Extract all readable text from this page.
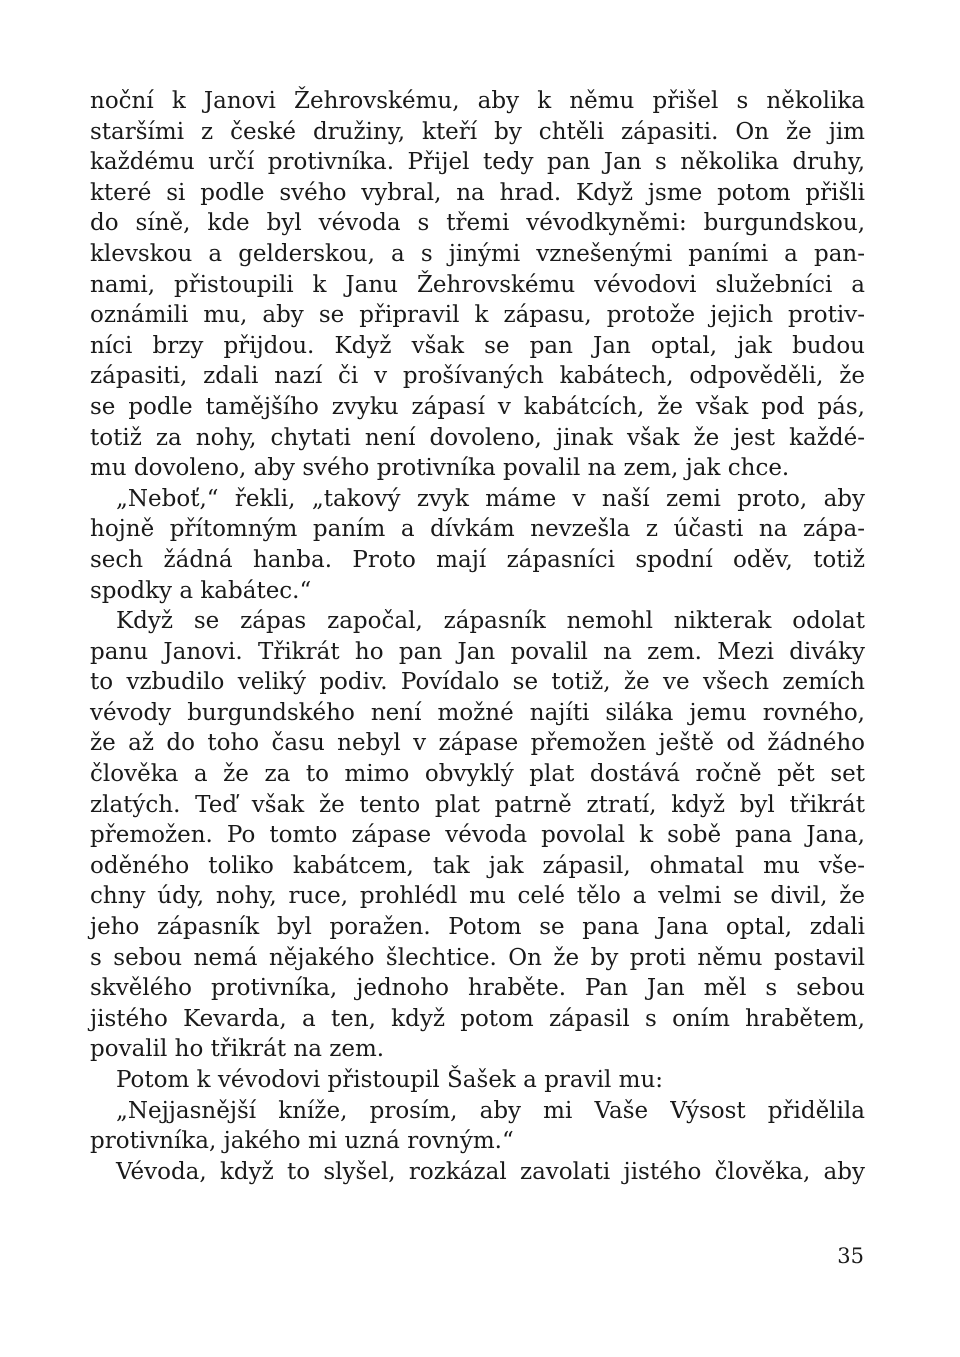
noční k Janovi Žehrovskému, aby k němu přišel s několika
staršími z české družiny, kteří by chtěli zápasiti. On že jim
každému určí protivníka. Přijel tedy pan Jan s několika druhy,
které si podle svého vybral, na hrad. Když jsme potom přišli
do síně, kde byl vévoda s třemi vévodkyněmi: burgundskou,
klevskou a gelderskou, a s jinými vznešenými paními a pan-
nami, přistoupili k Janu Žehrovskému vévodovi služebníci a
oznámili mu, aby se připravil k zápasu, protože jejich protiv-
níci brzy přijdou. Když však se pan Jan optal, jak budou
zápasiti, zdali nazí či v prošívaných kabátech, odpověděli, že
se podle tamějšího zvyku zápasí v kabátcích, že však pod pás,
totiž za nohy, chytati není dovoleno, jinak však že jest každé-
mu dovoleno, aby svého protivníka povalil na zem, jak chce.
„Neboť,“ řekli, „takový zvyk máme v naší zemi proto, aby
hojně přítomným paním a dívkám nevzešla z účasti na zápa-
sech žádná hanba. Proto mají zápasníci spodní oděv, totiž
spodky a kabátec.“
Když se zápas započal, zápasník nemohl nikterak odolat
panu Janovi. Třikrát ho pan Jan povalil na zem. Mezi diváky
to vzbudilo veliký podiv. Povídalo se totiž, že ve všech zemích
vévody burgundského není možné najíti siláka jemu rovného,
že až do toho času nebyl v zápase přemožen ještě od žádného
člověka a že za to mimo obvyklý plat dostává ročně pět set
zlatých. Teď však že tento plat patrně ztratí, když byl třikrát
přemožen. Po tomto zápase vévoda povolal k sobě pana Jana,
oděného toliko kabátcem, tak jak zápasil, ohmatal mu vše-
chny údy, nohy, ruce, prohlédl mu celé tělo a velmi se divil, že
jeho zápasník byl poražen. Potom se pana Jana optal, zdali
s sebou nemá nějakého šlechtice. On že by proti němu postavil
skvělého protivníka, jednoho hraběte. Pan Jan měl s sebou
jistého Kevarda, a ten, když potom zápasil s oním hrabětem,
povalil ho třikrát na zem.
Potom k vévodovi přistoupil Šašek a pravil mu:
„Nejjasnější kníže, prosím, aby mi Vaše Výsost přidělila
protivníka, jakého mi uzná rovným.“
Vévoda, když to slyšel, rozkázal zavolati jistého člověka, aby
35
